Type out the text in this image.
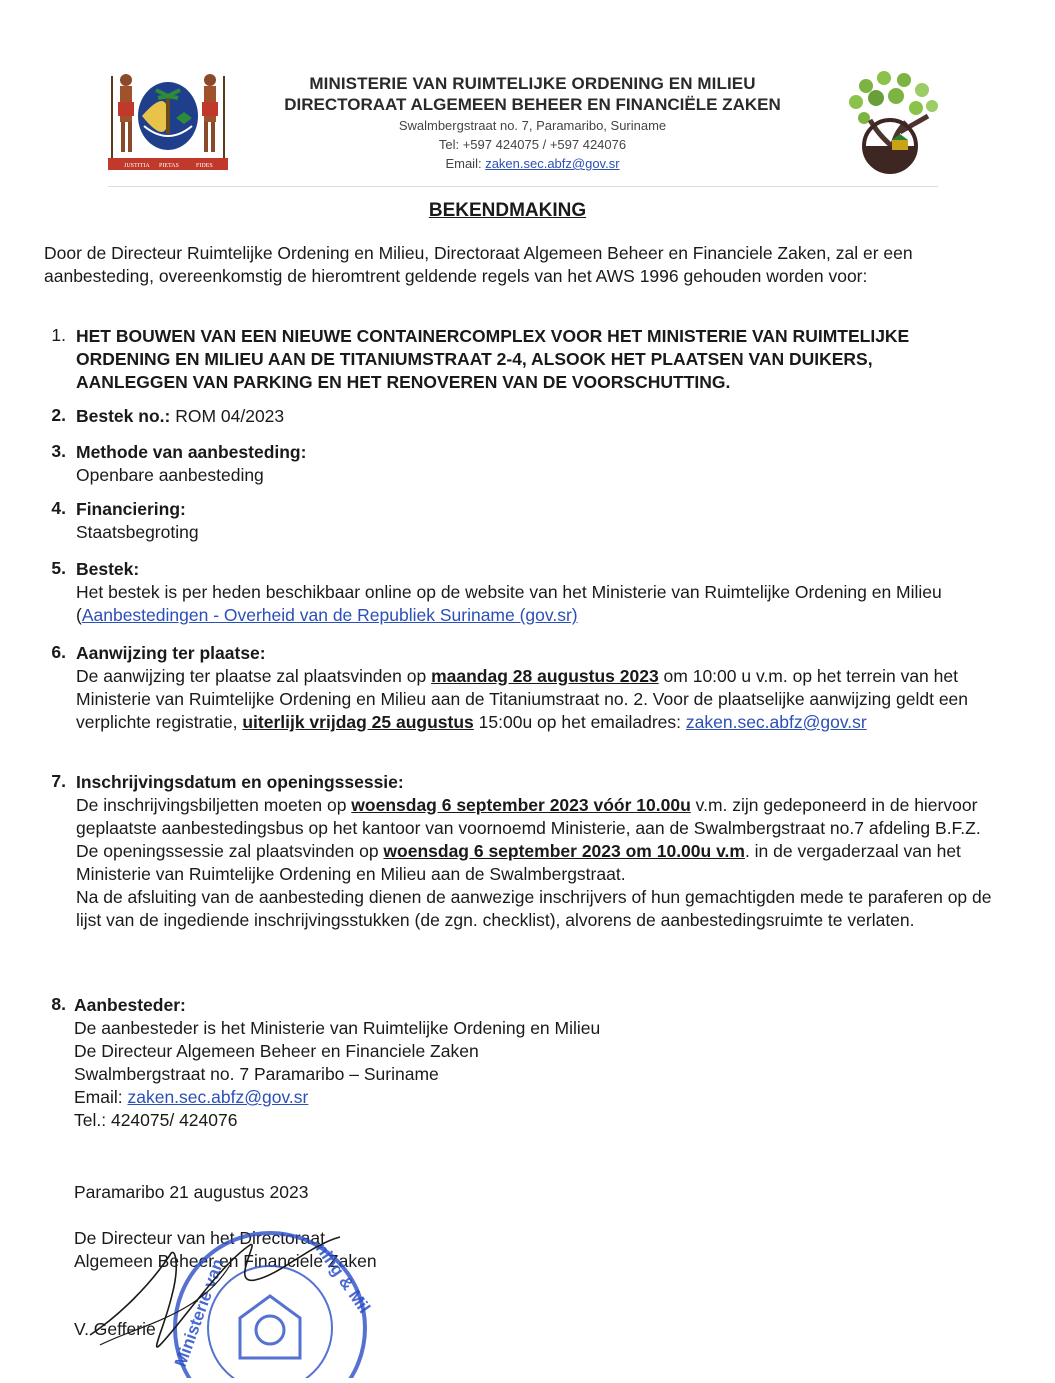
JUSTITIA PIETAS	FIDES
MINISTERIE VAN RUIMTELIJKE ORDENING EN MILIEU
DIRECTORAAT ALGEMEEN BEHEER EN FINANCIËLE ZAKEN
Swalmbergstraat no. 7, Paramaribo, Suriname
Tel: +597 424075 / +597 424076
Email: zaken.sec.abfz@gov.sr
BEKENDMAKING
Door de Directeur Ruimtelijke Ordening en Milieu, Directoraat Algemeen Beheer en Financiele Zaken, zal er een aanbesteding, overeenkomstig de hieromtrent geldende regels van het AWS 1996 gehouden worden voor:
1. HET BOUWEN VAN EEN NIEUWE CONTAINERCOMPLEX VOOR HET MINISTERIE VAN RUIMTELIJKE ORDENING EN MILIEU AAN DE TITANIUMSTRAAT 2-4, ALSOOK HET PLAATSEN VAN DUIKERS, AANLEGGEN VAN PARKING EN HET RENOVEREN VAN DE VOORSCHUTTING.
2. Bestek no.: ROM 04/2023
3. Methode van aanbesteding:
Openbare aanbesteding
4. Financiering:
Staatsbegroting
5. Bestek:
Het bestek is per heden beschikbaar online op de website van het Ministerie van Ruimtelijke Ordening en Milieu (Aanbestedingen - Overheid van de Republiek Suriname (gov.sr)
6. Aanwijzing ter plaatse:
De aanwijzing ter plaatse zal plaatsvinden op maandag 28 augustus 2023 om 10:00 u v.m. op het terrein van het Ministerie van Ruimtelijke Ordening en Milieu aan de Titaniumstraat no. 2. Voor de plaatselijke aanwijzing geldt een verplichte registratie, uiterlijk vrijdag 25 augustus 15:00u op het emailadres: zaken.sec.abfz@gov.sr
7. Inschrijvingsdatum en openingssessie:
De inschrijvingsbiljetten moeten op woensdag 6 september 2023 vóór 10.00u v.m. zijn gedeponeerd in de hiervoor geplaatste aanbestedingsbus op het kantoor van voornoemd Ministerie, aan de Swalmbergstraat no.7 afdeling B.F.Z.
De openingssessie zal plaatsvinden op woensdag 6 september 2023 om 10.00u v.m. in de vergaderzaal van het Ministerie van Ruimtelijke Ordening en Milieu aan de Swalmbergstraat.
Na de afsluiting van de aanbesteding dienen de aanwezige inschrijvers of hun gemachtigden mede te paraferen op de lijst van de ingediende inschrijvingsstukken (de zgn. checklist), alvorens de aanbestedingsruimte te verlaten.
8. Aanbesteder:
De aanbesteder is het Ministerie van Ruimtelijke Ordening en Milieu
De Directeur Algemeen Beheer en Financiele Zaken
Swalmbergstraat no. 7 Paramaribo – Suriname
Email: zaken.sec.abfz@gov.sr
Tel.: 424075/ 424076
Paramaribo 21 augustus 2023
De Directeur van het Directoraat
Algemeen Beheer en Financiele Zaken
V. Gefferie Ministerie van	ning & Mil
